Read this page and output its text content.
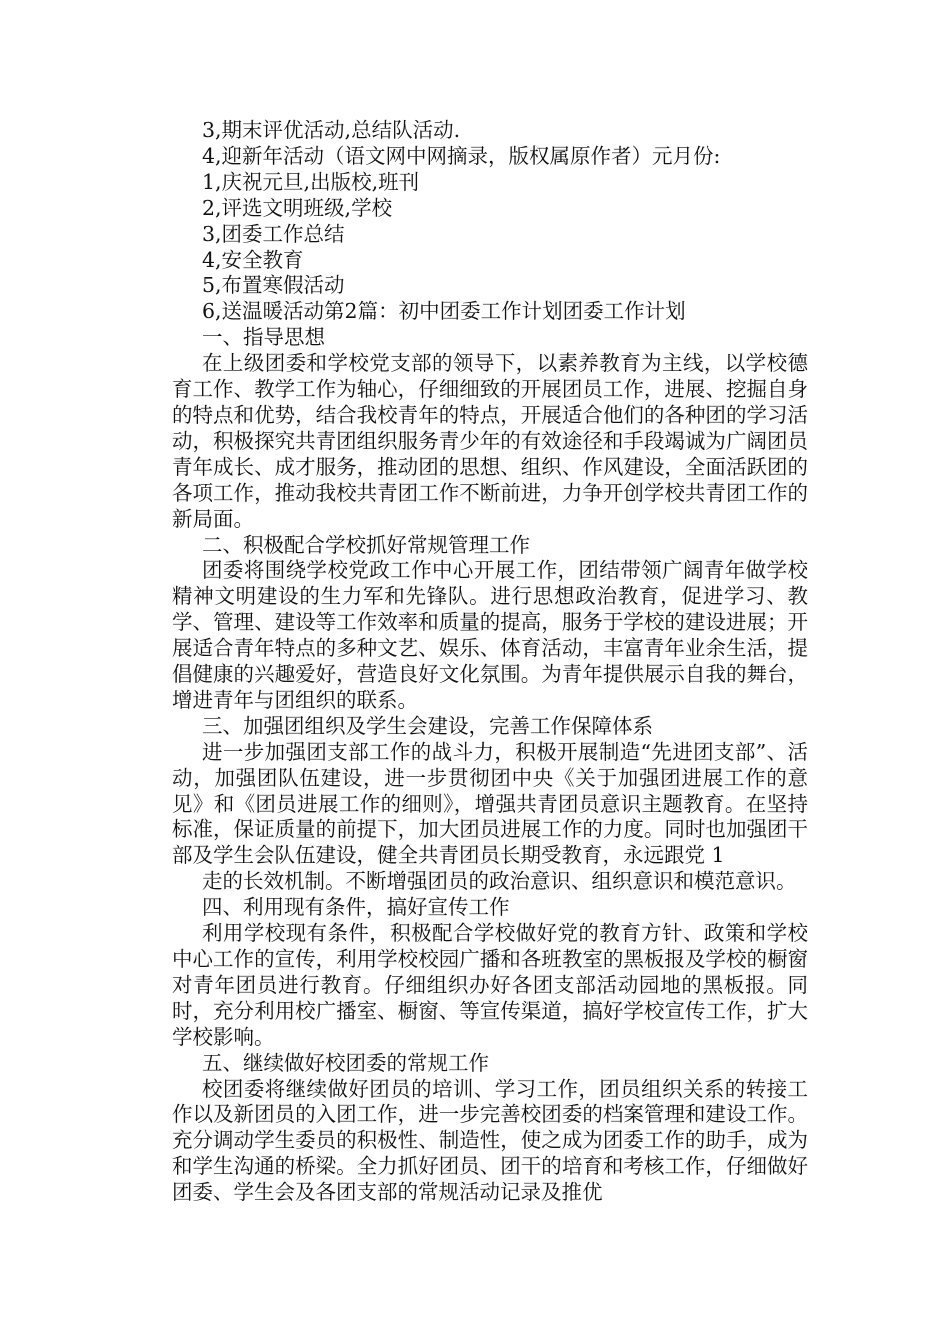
3,期末评优活动,总结队活动.
4,迎新年活动（语文网中网摘录，版权属原作者）元月份:
1,庆祝元旦,出版校,班刊
2,评选文明班级,学校
3,团委工作总结
4,安全教育
5,布置寒假活动
6,送温暖活动第2篇：初中团委工作计划团委工作计划
一、指导思想

在上级团委和学校党支部的领导下，以素养教育为主线，以学校德育工作、教学工作为轴心，仔细细致的开展团员工作，进展、挖掘自身的特点和优势，结合我校青年的特点，开展适合他们的各种团的学习活动，积极探究共青团组织服务青少年的有效途径和手段竭诚为广阔团员青年成长、成才服务，推动团的思想、组织、作风建设，全面活跃团的各项工作，推动我校共青团工作不断前进，力争开创学校共青团工作的新局面。

二、积极配合学校抓好常规管理工作

团委将围绕学校党政工作中心开展工作，团结带领广阔青年做学校精神文明建设的生力军和先锋队。进行思想政治教育，促进学习、教学、管理、建设等工作效率和质量的提高，服务于学校的建设进展；开展适合青年特点的多种文艺、娱乐、体育活动，丰富青年业余生活，提倡健康的兴趣爱好，营造良好文化氛围。为青年提供展示自我的舞台，增进青年与团组织的联系。

三、加强团组织及学生会建设，完善工作保障体系

进一步加强团支部工作的战斗力，积极开展制造“先进团支部”、活动，加强团队伍建设，进一步贯彻团中央《关于加强团进展工作的意见》和《团员进展工作的细则》，增强共青团员意识主题教育。在坚持标准，保证质量的前提下，加大团员进展工作的力度。同时也加强团干部及学生会队伍建设，健全共青团员长期受教育，永远跟党 1

走的长效机制。不断增强团员的政治意识、组织意识和模范意识。

四、利用现有条件，搞好宣传工作

利用学校现有条件，积极配合学校做好党的教育方针、政策和学校中心工作的宣传，利用学校校园广播和各班教室的黑板报及学校的橱窗对青年团员进行教育。仔细组织办好各团支部活动园地的黑板报。同时，充分利用校广播室、橱窗、等宣传渠道，搞好学校宣传工作，扩大学校影响。

五、继续做好校团委的常规工作

校团委将继续做好团员的培训、学习工作，团员组织关系的转接工作以及新团员的入团工作，进一步完善校团委的档案管理和建设工作。充分调动学生委员的积极性、制造性，使之成为团委工作的助手，成为和学生沟通的桥梁。全力抓好团员、团干的培育和考核工作，仔细做好团委、学生会及各团支部的常规活动记录及推优
